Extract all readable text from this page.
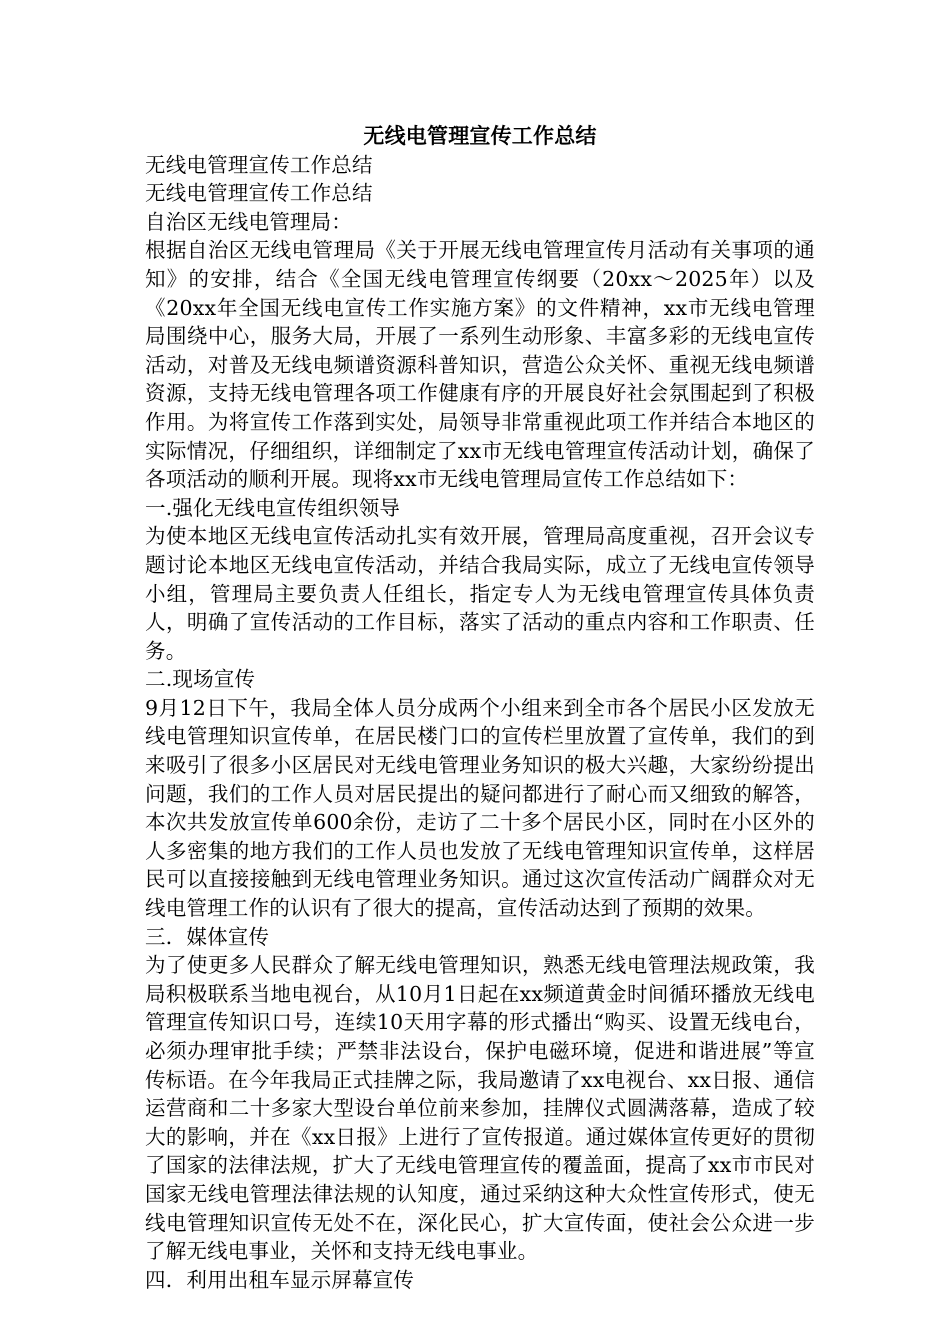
无线电管理宣传工作总结

无线电管理宣传工作总结

无线电管理宣传工作总结

自治区无线电管理局：

根据自治区无线电管理局《关于开展无线电管理宣传月活动有关事项的通知》的安排，结合《全国无线电管理宣传纲要（20xx～2025年）以及《20xx年全国无线电宣传工作实施方案》的文件精神，xx市无线电管理局围绕中心，服务大局，开展了一系列生动形象、丰富多彩的无线电宣传活动，对普及无线电频谱资源科普知识，营造公众关怀、重视无线电频谱资源，支持无线电管理各项工作健康有序的开展良好社会氛围起到了积极作用。为将宣传工作落到实处，局领导非常重视此项工作并结合本地区的实际情况，仔细组织，详细制定了xx市无线电管理宣传活动计划，确保了各项活动的顺利开展。现将xx市无线电管理局宣传工作总结如下：

一.强化无线电宣传组织领导

为使本地区无线电宣传活动扎实有效开展，管理局高度重视，召开会议专题讨论本地区无线电宣传活动，并结合我局实际，成立了无线电宣传领导小组，管理局主要负责人任组长，指定专人为无线电管理宣传具体负责人，明确了宣传活动的工作目标，落实了活动的重点内容和工作职责、任务。

二.现场宣传

9月12日下午，我局全体人员分成两个小组来到全市各个居民小区发放无线电管理知识宣传单，在居民楼门口的宣传栏里放置了宣传单，我们的到来吸引了很多小区居民对无线电管理业务知识的极大兴趣，大家纷纷提出问题，我们的工作人员对居民提出的疑问都进行了耐心而又细致的解答，本次共发放宣传单600余份，走访了二十多个居民小区，同时在小区外的人多密集的地方我们的工作人员也发放了无线电管理知识宣传单，这样居民可以直接接触到无线电管理业务知识。通过这次宣传活动广阔群众对无线电管理工作的认识有了很大的提高，宣传活动达到了预期的效果。

三．媒体宣传

为了使更多人民群众了解无线电管理知识，熟悉无线电管理法规政策，我局积极联系当地电视台，从10月1日起在xx频道黄金时间循环播放无线电管理宣传知识口号，连续10天用字幕的形式播出“购买、设置无线电台，必须办理审批手续；严禁非法设台，保护电磁环境，促进和谐进展”等宣传标语。在今年我局正式挂牌之际，我局邀请了xx电视台、xx日报、通信运营商和二十多家大型设台单位前来参加，挂牌仪式圆满落幕，造成了较大的影响，并在《xx日报》上进行了宣传报道。通过媒体宣传更好的贯彻了国家的法律法规，扩大了无线电管理宣传的覆盖面，提高了xx市市民对国家无线电管理法律法规的认知度，通过采纳这种大众性宣传形式，使无线电管理知识宣传无处不在，深化民心，扩大宣传面，使社会公众进一步了解无线电事业，关怀和支持无线电事业。

四．利用出租车显示屏幕宣传
